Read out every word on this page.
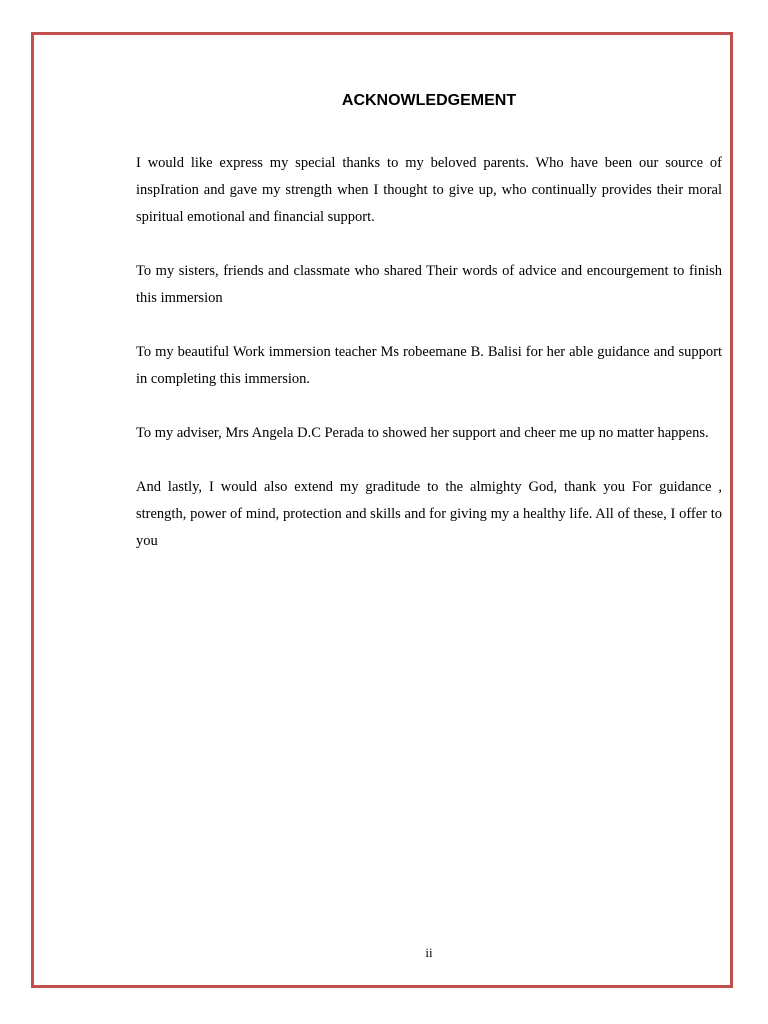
ACKNOWLEDGEMENT

I would like express my special thanks to my beloved parents. Who have been our source of inspIration and gave my strength when I thought to give up, who continually provides their moral spiritual emotional and financial support.

To my sisters, friends and classmate who shared Their words of advice and encourgement to finish this immersion

To my beautiful Work immersion teacher Ms robeemane B. Balisi for her able guidance and support in completing this immersion.

To my adviser, Mrs Angela D.C Perada to showed her support and cheer me up no matter happens.

And lastly, I would also extend my graditude to the almighty God, thank you For guidance , strength, power of mind, protection and skills and for giving my a healthy life. All of these, I offer to you

ii
